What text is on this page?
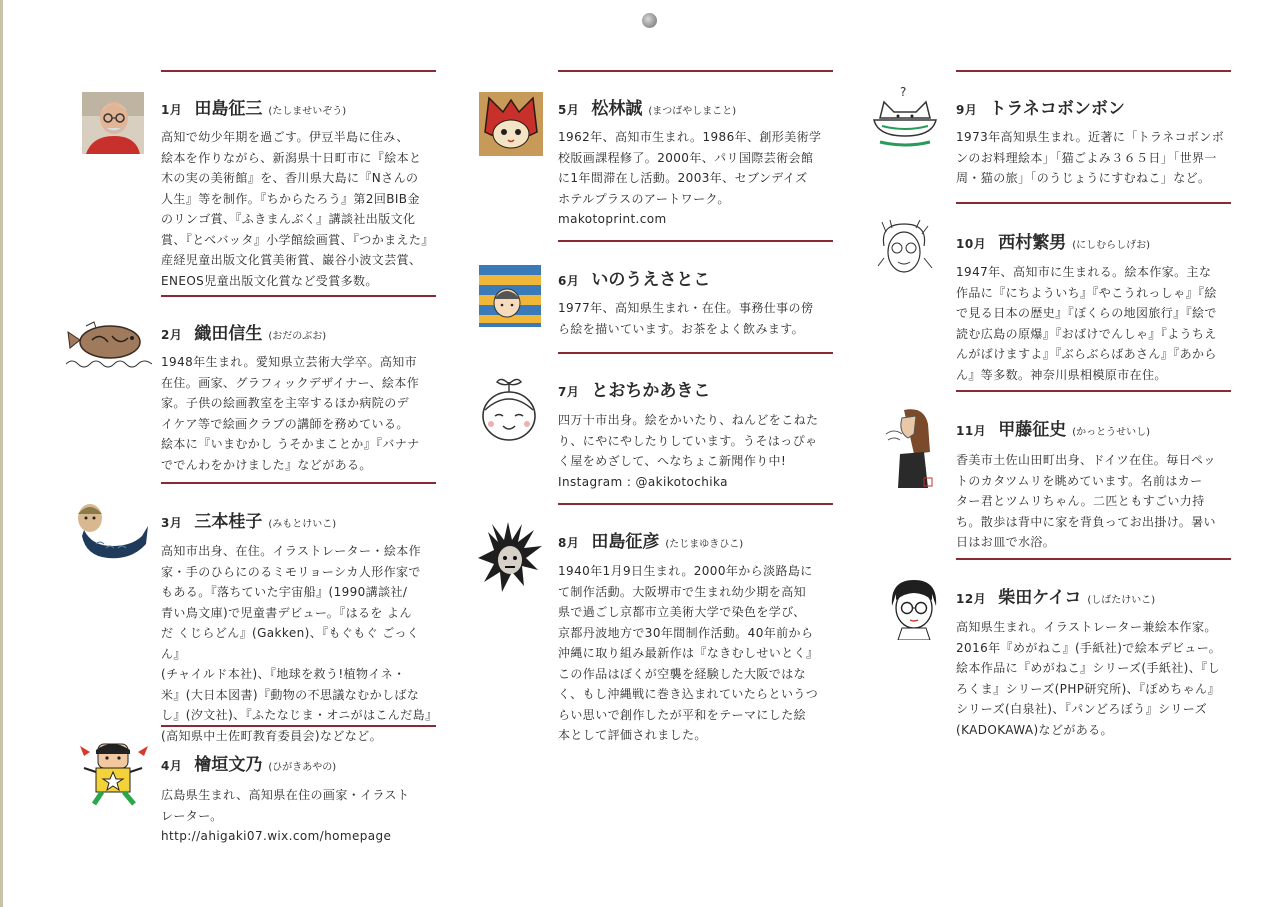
1月 田島征三 (たしませいぞう)

高知で幼少年期を過ごす。伊豆半島に住み、
絵本を作りながら、新潟県十日町市に『絵本と
木の実の美術館』を、香川県大島に『Nさんの
人生』等を制作。『ちからたろう』第2回BIB金
のリンゴ賞、『ふきまんぶく』講談社出版文化
賞、『とべバッタ』小学館絵画賞、『つかまえた』
産経児童出版文化賞美術賞、巌谷小波文芸賞、
ENEOS児童出版文化賞など受賞多数。

2月 織田信生 (おだのぶお)

1948年生まれ。愛知県立芸術大学卒。高知市
在住。画家、グラフィックデザイナー、絵本作
家。子供の絵画教室を主宰するほか病院のデ
イケア等で絵画クラブの講師を務めている。
絵本に『いまむかし うそかまことか』『バナナ
ででんわをかけました』などがある。

3月 三本桂子 (みもとけいこ)

高知市出身、在住。イラストレーター・絵本作
家・手のひらにのるミモリョーシカ人形作家で
もある。『落ちていた宇宙船』(1990講談社/
青い鳥文庫)で児童書デビュー。『はるを よん
だ くじらどん』(Gakken)、『もぐもぐ ごっくん』
(チャイルド本社)、『地球を救う!植物イネ・
米』(大日本図書)『動物の不思議なむかしばな
し』(汐文社)、『ふたなじま・オニがはこんだ島』
(高知県中土佐町教育委員会)などなど。

4月 檜垣文乃 (ひがきあやの)

広島県生まれ、高知県在住の画家・イラスト
レーター。
http://ahigaki07.wix.com/homepage

5月 松林誠 (まつばやしまこと)

1962年、高知市生まれ。1986年、創形美術学
校版画課程修了。2000年、パリ国際芸術会館
に1年間滞在し活動。2003年、セブンデイズ
ホテルプラスのアートワーク。
makotoprint.com

6月 いのうえさとこ

1977年、高知県生まれ・在住。事務仕事の傍
ら絵を描いています。お茶をよく飲みます。

7月 とおちかあきこ

四万十市出身。絵をかいたり、ねんどをこねた
り、にやにやしたりしています。うそはっぴゃ
く屋をめざして、へなちょこ新聞作り中!
Instagram : @akikotochika

8月 田島征彦 (たじまゆきひこ)

1940年1月9日生まれ。2000年から淡路島に
て制作活動。大阪堺市で生まれ幼少期を高知
県で過ごし京都市立美術大学で染色を学び、
京都丹波地方で30年間制作活動。40年前から
沖縄に取り組み最新作は『なきむしせいとく』
この作品はぼくが空襲を経験した大阪ではな
く、もし沖縄戦に巻き込まれていたらというつ
らい思いで創作したが平和をテーマにした絵
本として評価されました。

?
9月 トラネコボンボン

1973年高知県生まれ。近著に「トラネコボンボ
ンのお料理絵本」「猫ごよみ３６５日」「世界一
周・猫の旅」「のうじょうにすむねこ」など。

10月 西村繁男 (にしむらしげお)

1947年、高知市に生まれる。絵本作家。主な
作品に『にちよういち』『やこうれっしゃ』『絵
で見る日本の歴史』『ぼくらの地図旅行』『絵で
読む広島の原爆』『おばけでんしゃ』『ようちえ
んがばけますよ』『ぶらぶらばあさん』『あから
ん』等多数。神奈川県相模原市在住。

11月 甲藤征史 (かっとうせいし)

香美市土佐山田町出身、ドイツ在住。毎日ペッ
トのカタツムリを眺めています。名前はカー
ター君とツムリちゃん。二匹ともすごい力持
ち。散歩は背中に家を背負ってお出掛け。暑い
日はお皿で水浴。

12月 柴田ケイコ (しばたけいこ)

高知県生まれ。イラストレーター兼絵本作家。
2016年『めがねこ』(手紙社)で絵本デビュー。
絵本作品に『めがねこ』シリーズ(手紙社)、『し
ろくま』シリーズ(PHP研究所)、『ぽめちゃん』
シリーズ(白泉社)、『パンどろぼう』シリーズ
(KADOKAWA)などがある。
